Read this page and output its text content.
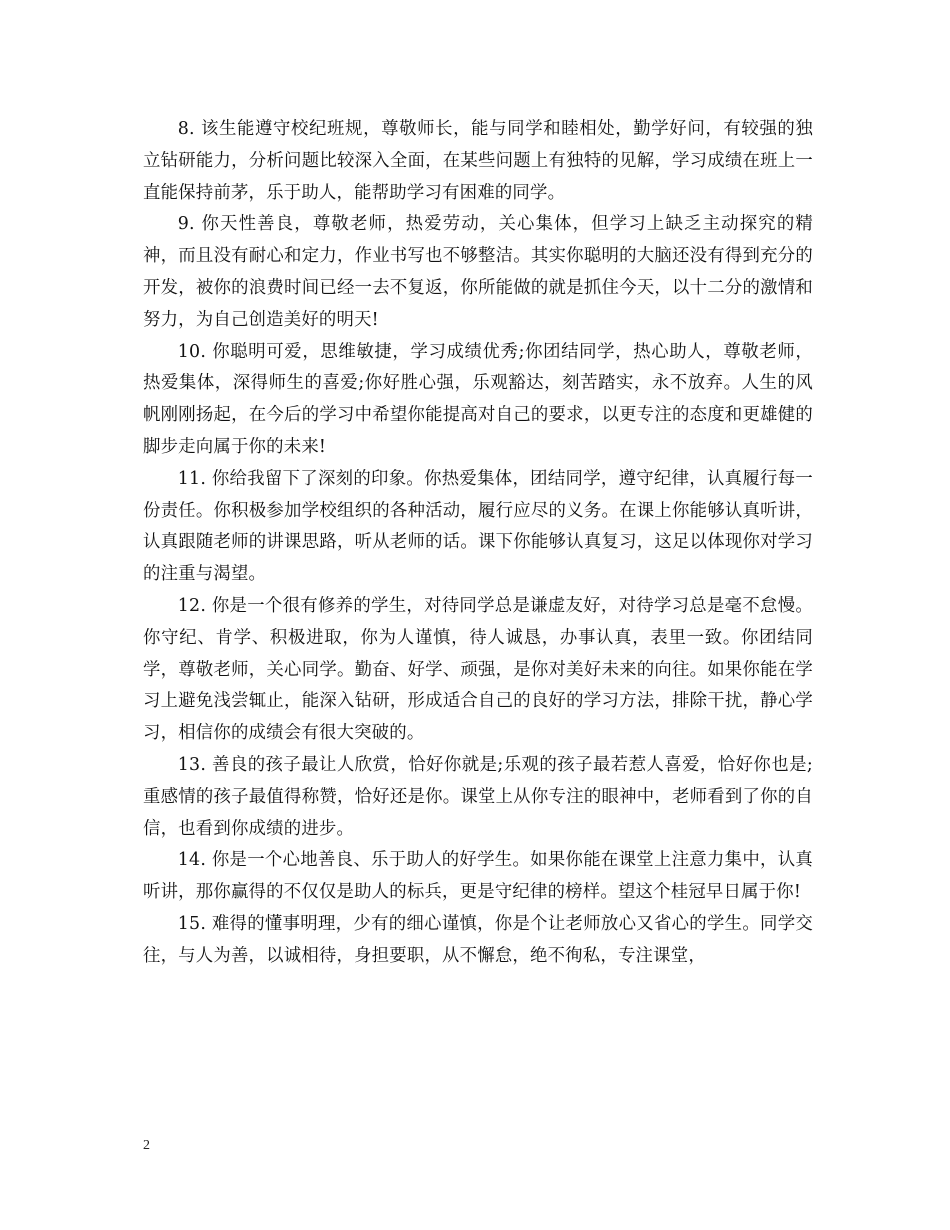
8. 该生能遵守校纪班规，尊敬师长，能与同学和睦相处，勤学好问，有较强的独立钻研能力，分析问题比较深入全面，在某些问题上有独特的见解，学习成绩在班上一直能保持前茅，乐于助人，能帮助学习有困难的同学。

9. 你天性善良，尊敬老师，热爱劳动，关心集体，但学习上缺乏主动探究的精神，而且没有耐心和定力，作业书写也不够整洁。其实你聪明的大脑还没有得到充分的开发，被你的浪费时间已经一去不复返，你所能做的就是抓住今天，以十二分的激情和努力，为自己创造美好的明天!

10. 你聪明可爱，思维敏捷，学习成绩优秀;你团结同学，热心助人，尊敬老师，热爱集体，深得师生的喜爱;你好胜心强，乐观豁达，刻苦踏实，永不放弃。人生的风帆刚刚扬起，在今后的学习中希望你能提高对自己的要求，以更专注的态度和更雄健的脚步走向属于你的未来!

11. 你给我留下了深刻的印象。你热爱集体，团结同学，遵守纪律，认真履行每一份责任。你积极参加学校组织的各种活动，履行应尽的义务。在课上你能够认真听讲，认真跟随老师的讲课思路，听从老师的话。课下你能够认真复习，这足以体现你对学习的注重与渴望。

12. 你是一个很有修养的学生，对待同学总是谦虚友好，对待学习总是毫不怠慢。你守纪、肯学、积极进取，你为人谨慎，待人诚恳，办事认真，表里一致。你团结同学，尊敬老师，关心同学。勤奋、好学、顽强，是你对美好未来的向往。如果你能在学习上避免浅尝辄止，能深入钻研，形成适合自己的良好的学习方法，排除干扰，静心学习，相信你的成绩会有很大突破的。

13. 善良的孩子最让人欣赏，恰好你就是;乐观的孩子最若惹人喜爱，恰好你也是;重感情的孩子最值得称赞，恰好还是你。课堂上从你专注的眼神中，老师看到了你的自信，也看到你成绩的进步。

14. 你是一个心地善良、乐于助人的好学生。如果你能在课堂上注意力集中，认真听讲，那你赢得的不仅仅是助人的标兵，更是守纪律的榜样。望这个桂冠早日属于你!

15. 难得的懂事明理，少有的细心谨慎，你是个让老师放心又省心的学生。同学交往，与人为善，以诚相待，身担要职，从不懈怠，绝不徇私，专注课堂，

2
